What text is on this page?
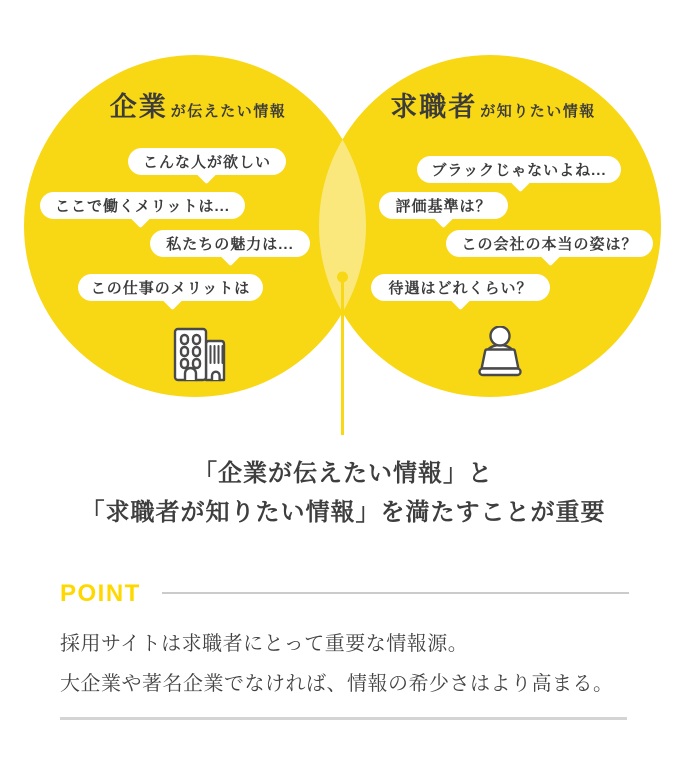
企業 が伝えたい情報	求職者 が知りたい情報
こんな人が欲しい
ここで働くメリットは...
私たちの魅力は...
この仕事のメリットは
ブラックじゃないよね...
評価基準は？
この会社の本当の姿は？
待遇はどれくらい？
「企業が伝えたい情報」と
「求職者が知りたい情報」を満たすことが重要
POINT
採用サイトは求職者にとって重要な情報源。
大企業や著名企業でなければ、情報の希少さはより高まる。
